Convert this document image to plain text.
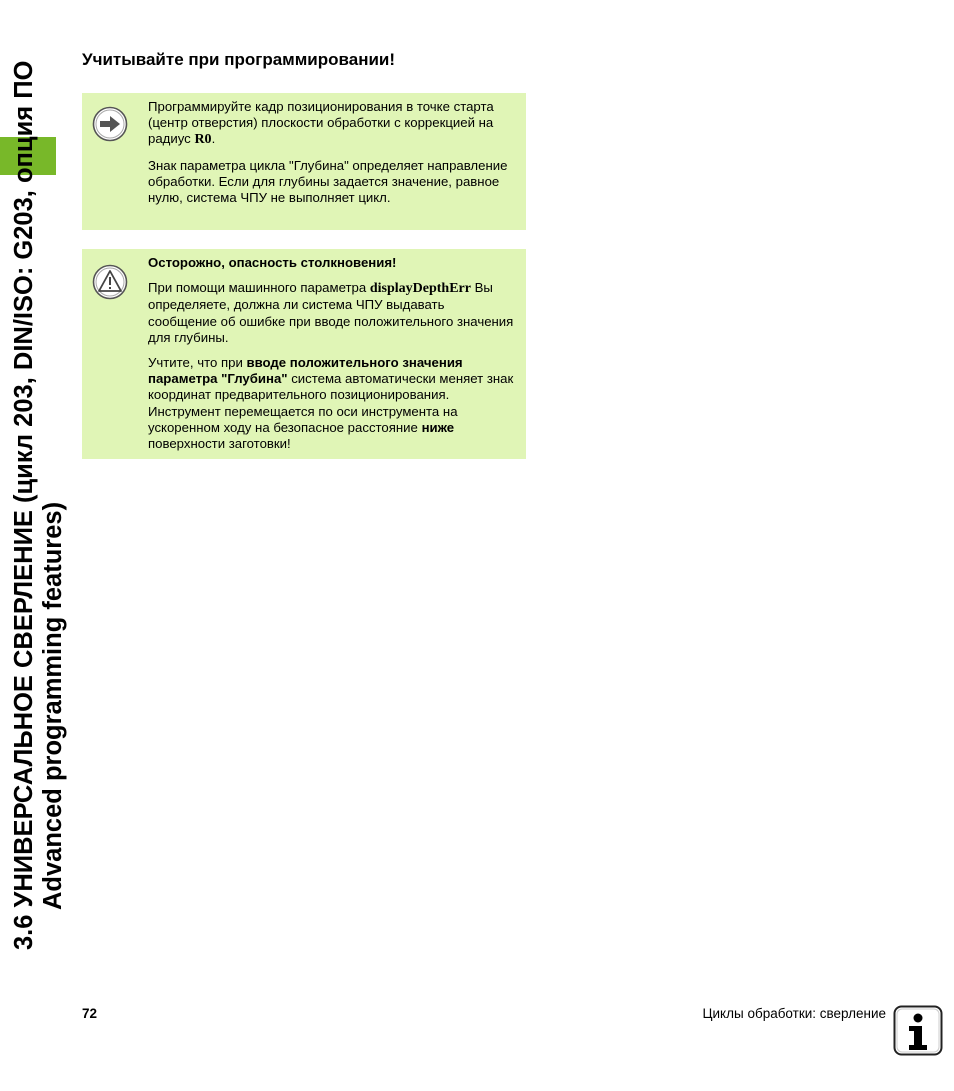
3.6 УНИВЕРСАЛЬНОЕ СВЕРЛЕНИЕ (цикл 203, DIN/ISO: G203, опция ПО Advanced programming features)
Учитывайте при программировании!

Программируйте кадр позиционирования в точке старта (центр отверстия) плоскости обработки с коррекцией на радиус R0.

Знак параметра цикла "Глубина" определяет направление обработки. Если для глубины задается значение, равное нулю, система ЧПУ не выполняет цикл.

Осторожно, опасность столкновения!

При помощи машинного параметра displayDepthErr Вы определяете, должна ли система ЧПУ выдавать сообщение об ошибке при вводе положительного значения для глубины.

Учтите, что при вводе положительного значения параметра "Глубина" система автоматически меняет знак координат предварительного позиционирования. Инструмент перемещается по оси инструмента на ускоренном ходу на безопасное расстояние ниже поверхности заготовки!

72	Циклы обработки: сверление
